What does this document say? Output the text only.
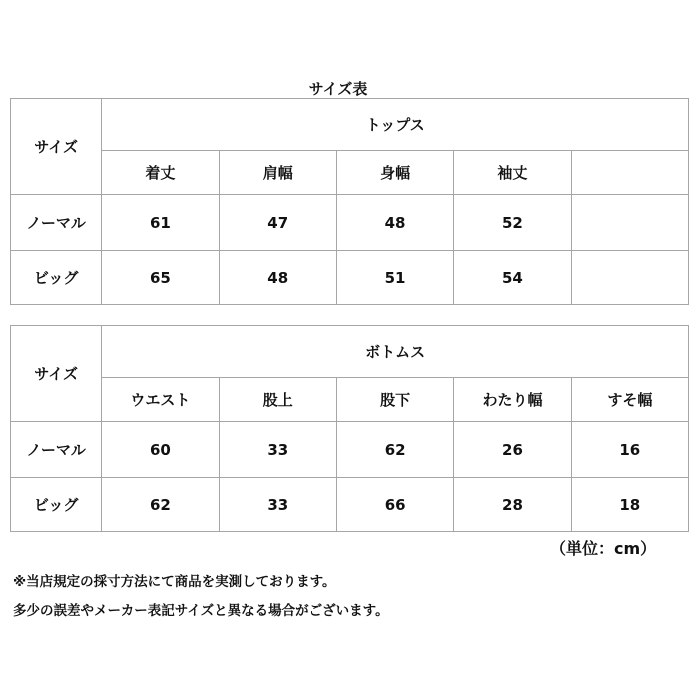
サイズ表
サイズ	トップス				
	着丈	肩幅	身幅	袖丈	
ノーマル	61	47	48	52	
ビッグ	65	48	51	54	
サイズ	ボトムス				
	ウエスト	股上	股下	わたり幅	すそ幅
ノーマル	60	33	62	26	16
ビッグ	62	33	66	28	18
（単位：cm）
※当店規定の採寸方法にて商品を実測しております。
多少の誤差やメーカー表記サイズと異なる場合がございます。
